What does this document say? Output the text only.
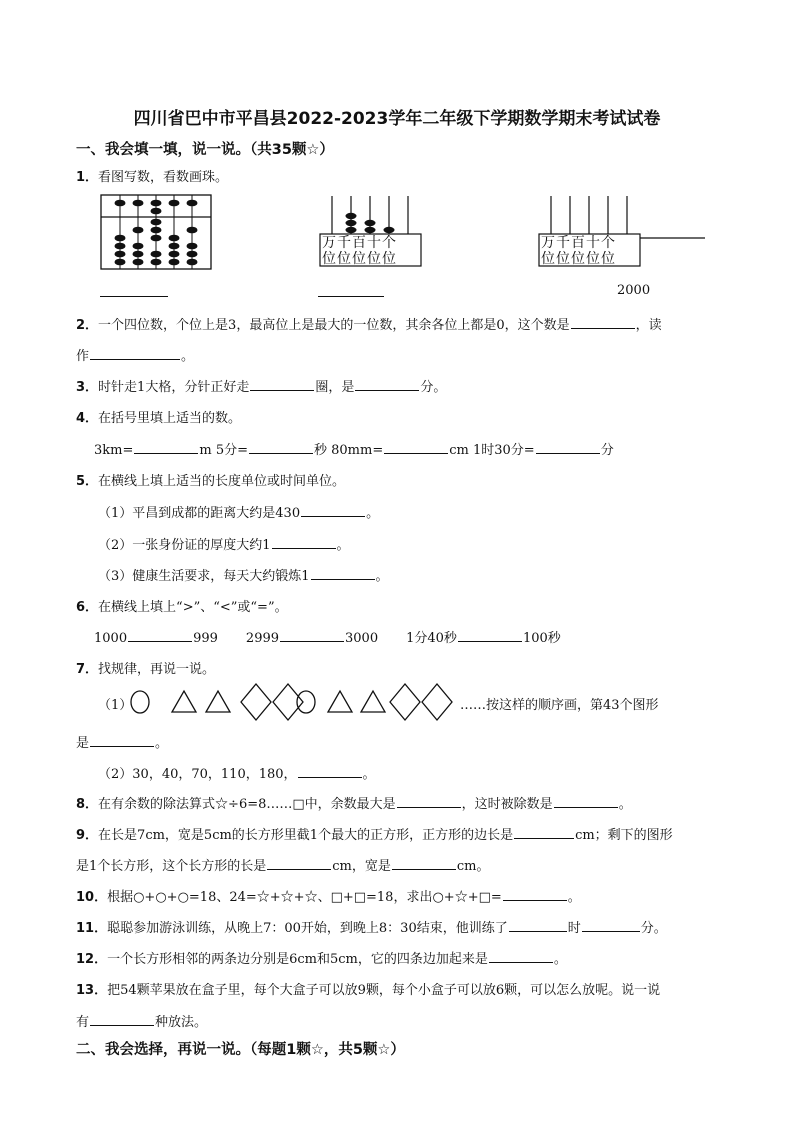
四川省巴中市平昌县2022-2023学年二年级下学期数学期末考试试卷
一、我会填一填，说一说。（共35颗☆）
1．看图写数，看数画珠。
万千百十个
位位位位位
万千百十个
位位位位位
2000
2．一个四位数，个位上是3，最高位上是最大的一位数，其余各位上都是0，这个数是	，读
作	。
3．时针走1大格，分针正好走	圈，是	分。
4．在括号里填上适当的数。
3km=	m 5分=	秒 80mm=	cm 1时30分=	分
5．在横线上填上适当的长度单位或时间单位。
（1）平昌到成都的距离大约是430	。
（2）一张身份证的厚度大约1	。
（3）健康生活要求，每天大约锻炼1	。
6．在横线上填上“>”、“<”或“=”。
1000	999 2999	3000 1分40秒	100秒
7．找规律，再说一说。
（1）	……按这样的顺序画，第43个图形
是	。
（2）30，40，70，110，180，	。
8．在有余数的除法算式☆÷6=8……□中，余数最大是	，这时被除数是	。
9．在长是7cm，宽是5cm的长方形里截1个最大的正方形，正方形的边长是	cm；剩下的图形
是1个长方形，这个长方形的长是	cm，宽是	cm。
10．根据○+○+○=18、24=☆+☆+☆、□+□=18，求出○+☆+□=	。
11．聪聪参加游泳训练，从晚上7：00开始，到晚上8：30结束，他训练了	时	分。
12．一个长方形相邻的两条边分别是6cm和5cm，它的四条边加起来是	。
13．把54颗苹果放在盒子里，每个大盒子可以放9颗，每个小盒子可以放6颗，可以怎么放呢。说一说
有	种放法。
二、我会选择，再说一说。（每题1颗☆，共5颗☆）
